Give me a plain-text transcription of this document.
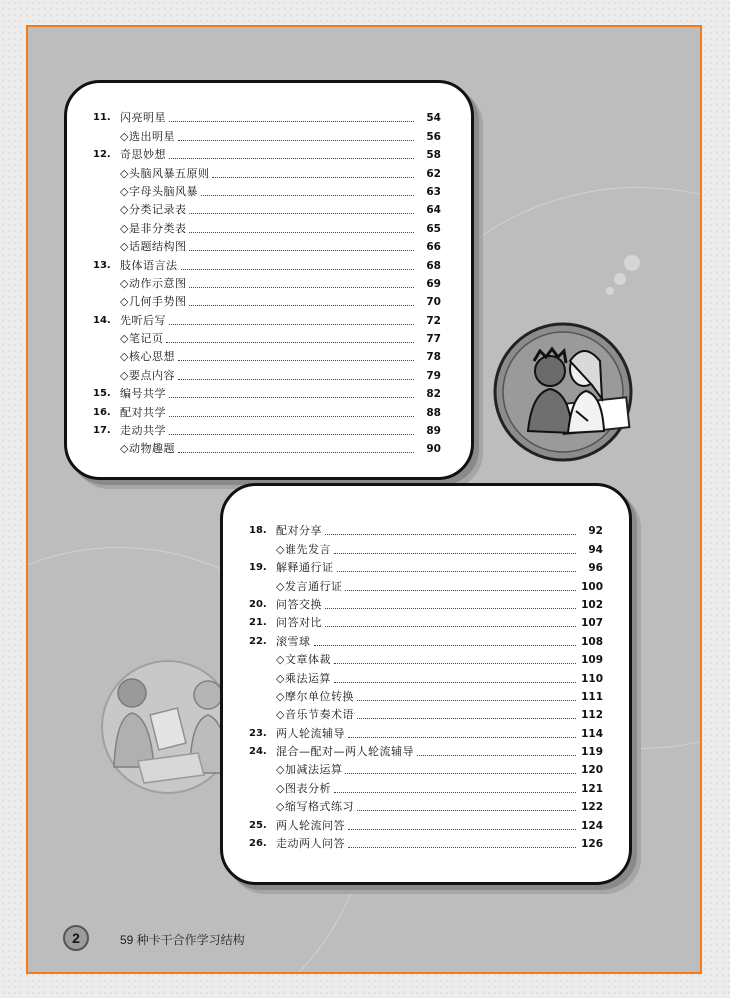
11. 闪亮明星	54
◇选出明星	56
12. 奇思妙想	58
◇头脑风暴五原则	62
◇字母头脑风暴	63
◇分类记录表	64
◇是非分类表	65
◇话题结构图	66
13. 肢体语言法	68
◇动作示意图	69
◇几何手势图	70
14. 先听后写	72
◇笔记页	77
◇核心思想	78
◇要点内容	79
15. 编号共学	82
16. 配对共学	88
17. 走动共学	89
◇动物趣题	90
18. 配对分享	92
◇谁先发言	94
19. 解释通行证	96
◇发言通行证	100
20. 问答交换	102
21. 问答对比	107
22. 滚雪球	108
◇文章体裁	109
◇乘法运算	110
◇摩尔单位转换	111
◇音乐节奏术语	112
23. 两人轮流辅导	114
24. 混合—配对—两人轮流辅导	119
◇加减法运算	120
◇图表分析	121
◇缩写格式练习	122
25. 两人轮流问答	124
26. 走动两人问答	126
2	59 种卡干合作学习结构
